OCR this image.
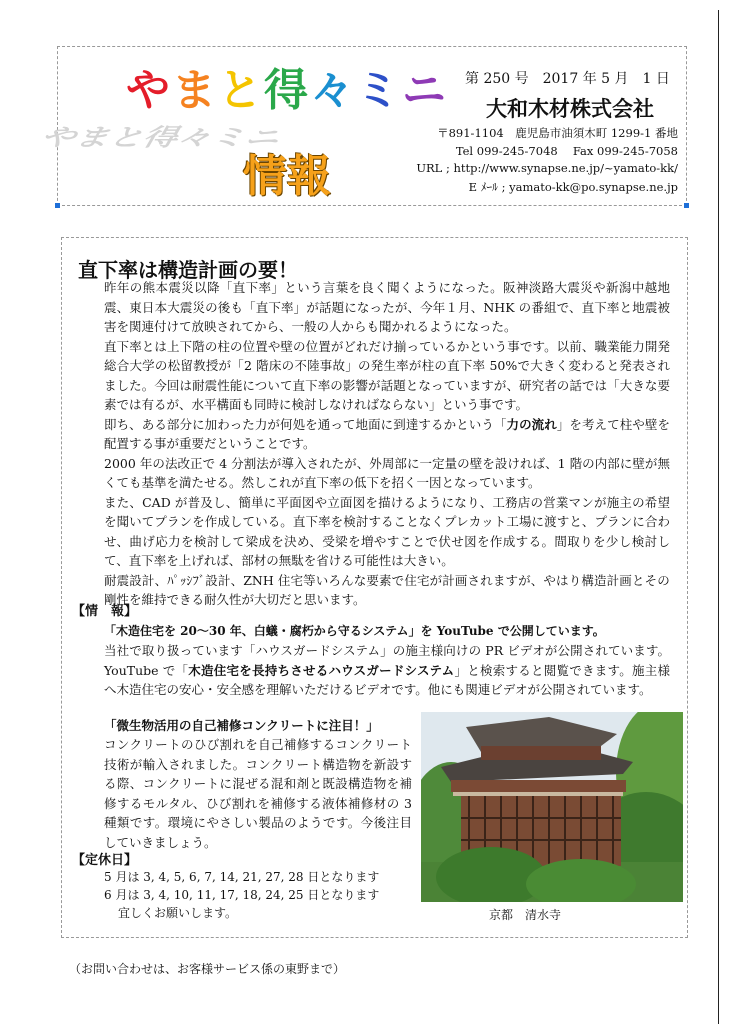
やまと得々ミニ
やまと得々ミニ
情報
第 250 号　2017 年 5 月　1 日
大和木材株式会社
〒891-1104　鹿児島市油須木町 1299-1 番地
Tel 099-245-7048　 Fax 099-245-7058
URL ; http://www.synapse.ne.jp/~yamato-kk/
E ﾒｰﾙ ; yamato-kk@po.synapse.ne.jp
直下率は構造計画の要！

昨年の熊本震災以降「直下率」という言葉を良く聞くようになった。阪神淡路大震災や新潟中越地震、東日本大震災の後も「直下率」が話題になったが、今年１月、NHK の番組で、直下率と地震被害を関連付けて放映されてから、一般の人からも聞かれるようになった。

直下率とは上下階の柱の位置や壁の位置がどれだけ揃っているかという事です。以前、職業能力開発総合大学の松留教授が「2 階床の不陸事故」の発生率が柱の直下率 50%で大きく変わると発表されました。今回は耐震性能について直下率の影響が話題となっていますが、研究者の話では「大きな要素では有るが、水平構面も同時に検討しなければならない」という事です。

即ち、ある部分に加わった力が何処を通って地面に到達するかという「力の流れ」を考えて柱や壁を配置する事が重要だということです。

2000 年の法改正で 4 分割法が導入されたが、外周部に一定量の壁を設ければ、1 階の内部に壁が無くても基準を満たせる。然しこれが直下率の低下を招く一因となっています。

また、CAD が普及し、簡単に平面図や立面図を描けるようになり、工務店の営業マンが施主の希望を聞いてプランを作成している。直下率を検討することなくプレカット工場に渡すと、プランに合わせ、曲げ応力を検討して梁成を決め、受梁を増やすことで伏せ図を作成する。間取りを少し検討して、直下率を上げれば、部材の無駄を省ける可能性は大きい。

耐震設計、ﾊﾟｯｼﾌﾞ設計、ZNH 住宅等いろんな要素で住宅が計画されますが、やはり構造計画とその剛性を維持できる耐久性が大切だと思います。

【情　報】
「木造住宅を 20〜30 年、白蟻・腐朽から守るシステム」を YouTube で公開しています。
当社で取り扱っています「ハウスガードシステム」の施主様向けの PR ビデオが公開されています。YouTube で「木造住宅を長持ちさせるハウスガードシステム」と検索すると閲覧できます。施主様へ木造住宅の安心・安全感を理解いただけるビデオです。他にも関連ビデオが公開されています。
「微生物活用の自己補修コンクリートに注目！」
コンクリートのひび割れを自己補修するコンクリート技術が輸入されました。コンクリート構造物を新設する際、コンクリートに混ぜる混和剤と既設構造物を補修するモルタル、ひび割れを補修する液体補修材の 3 種類です。環境にやさしい製品のようです。今後注目していきましょう。
京都　清水寺
【定休日】
5 月は 3, 4, 5, 6, 7, 14, 21, 27, 28 日となります
6 月は 3, 4, 10, 11, 17, 18, 24, 25 日となります
宜しくお願いします。
（お問い合わせは、お客様サービス係の東野まで）
